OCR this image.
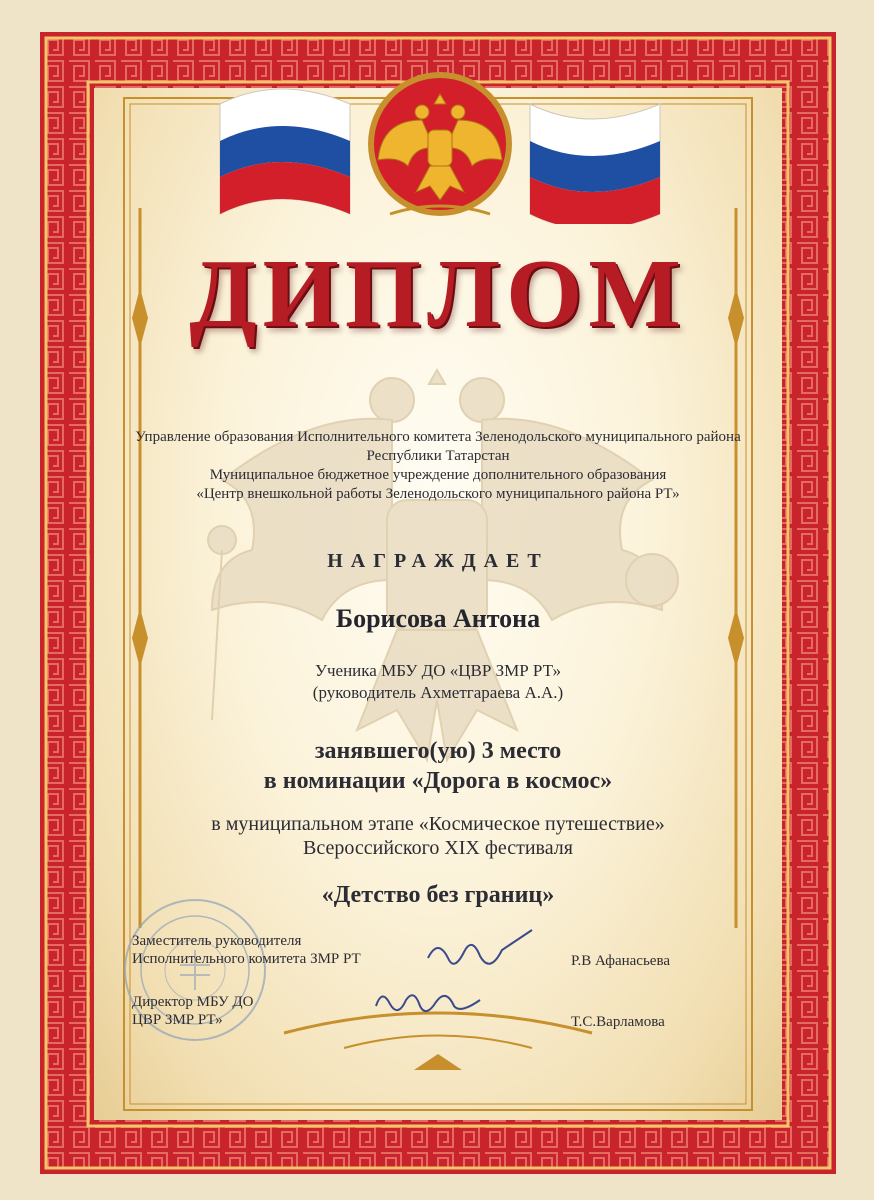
ДИПЛОМ
Управление образования Исполнительного комитета Зеленодольского муниципального района
Республики Татарстан
Муниципальное бюджетное учреждение дополнительного образования
«Центр внешкольной работы Зеленодольского муниципального района РТ»
НАГРАЖДАЕТ
Борисова Антона
Ученика МБУ ДО «ЦВР ЗМР РТ»
(руководитель Ахметгараева А.А.)
занявшего(ую) 3 место
в номинации «Дорога в космос»
в муниципальном этапе «Космическое путешествие»
Всероссийского XIX фестиваля
«Детство без границ»
Заместитель руководителя
Исполнительного комитета ЗМР РТ	Р.В Афанасьева
Директор МБУ ДО
ЦВР ЗМР РТ»	Т.С.Варламова
